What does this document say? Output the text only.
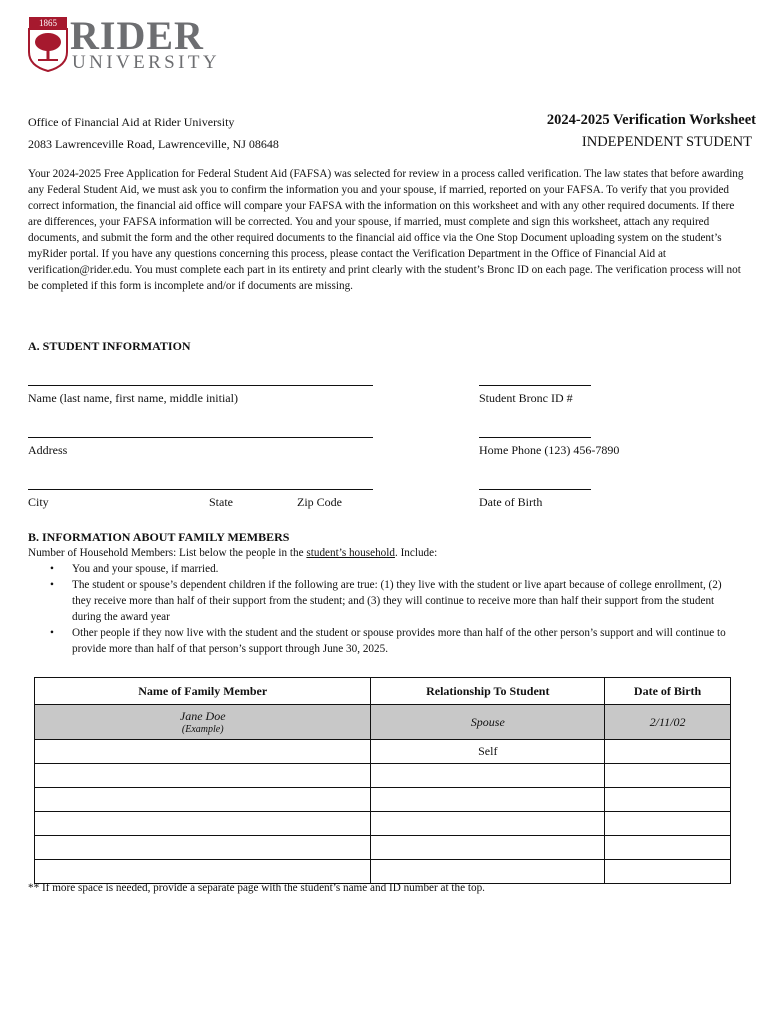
1865 RIDER
UNIVERSITY
Office of Financial Aid at Rider University
2083 Lawrenceville Road, Lawrenceville, NJ 08648
2024-2025 Verification Worksheet
INDEPENDENT STUDENT
Your 2024-2025 Free Application for Federal Student Aid (FAFSA) was selected for review in a process called verification. The law states that before awarding any Federal Student Aid, we must ask you to confirm the information you and your spouse, if married, reported on your FAFSA. To verify that you provided correct information, the financial aid office will compare your FAFSA with the information on this worksheet and with any other required documents. If there are differences, your FAFSA information will be corrected. You and your spouse, if married, must complete and sign this worksheet, attach any required documents, and submit the form and the other required documents to the financial aid office via the One Stop Document uploading system on the student’s myRider portal. If you have any questions concerning this process, please contact the Verification Department in the Office of Financial Aid at verification@rider.edu. You must complete each part in its entirety and print clearly with the student’s Bronc ID on each page. The verification process will not be completed if this form is incomplete and/or if documents are missing.
A. STUDENT INFORMATION
Name (last name, first name, middle initial)	Student Bronc ID #
Address	Home Phone (123) 456-7890
City	State	Zip Code	Date of Birth
B. INFORMATION ABOUT FAMILY MEMBERS
Number of Household Members: List below the people in the student’s household. Include:
• You and your spouse, if married.
• The student or spouse’s dependent children if the following are true: (1) they live with the student or live apart because of college enrollment, (2) they receive more than half of their support from the student; and (3) they will continue to receive more than half their support from the student during the award year
• Other people if they now live with the student and the student or spouse provides more than half of the other person’s support and will continue to provide more than half of that person’s support through June 30, 2025.
Name of Family Member	Relationship To Student	Date of Birth

Jane Doe
(Example)	Spouse	2/11/02
	Self	

** If more space is needed, provide a separate page with the student’s name and ID number at the top.
